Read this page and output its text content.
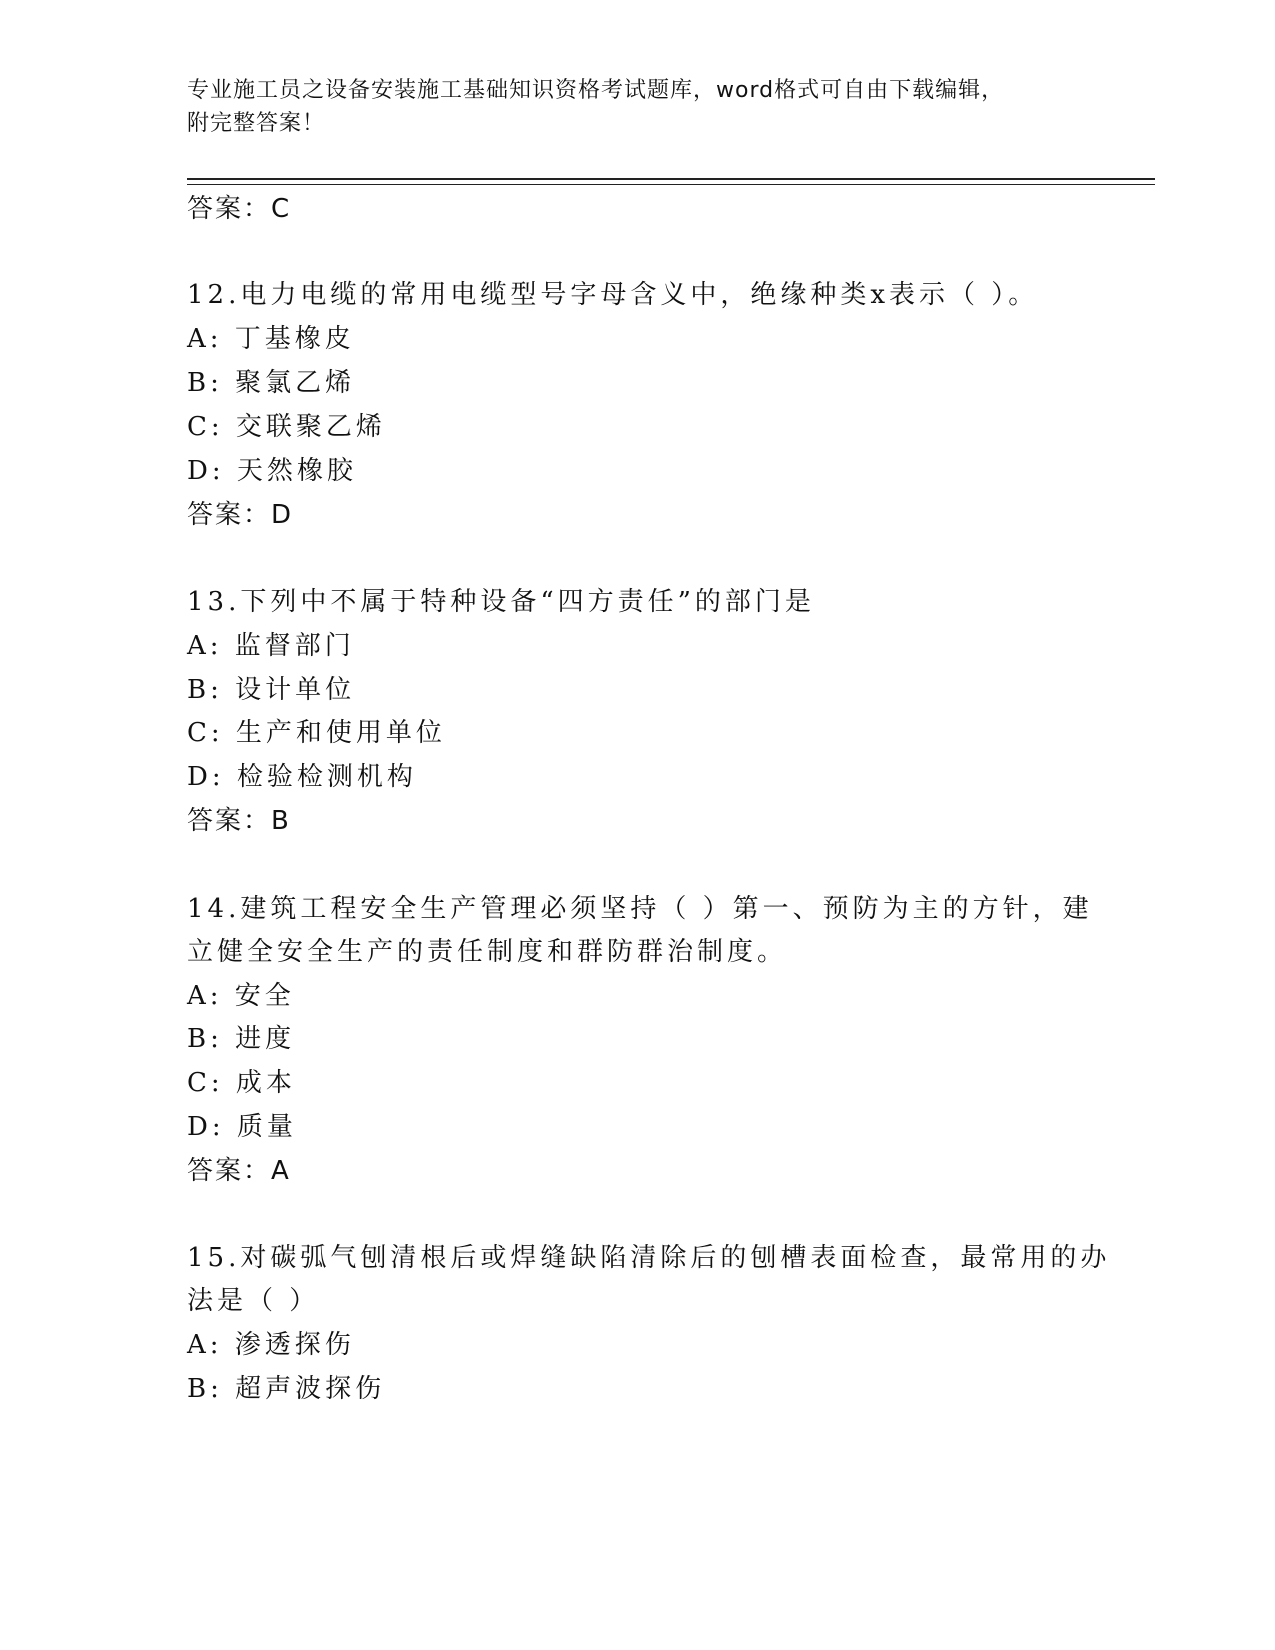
专业施工员之设备安装施工基础知识资格考试题库，word格式可自由下载编辑，
附完整答案！
答案：C
12.电力电缆的常用电缆型号字母含义中，绝缘种类x表示（ ）。
A: 丁基橡皮
B: 聚氯乙烯
C: 交联聚乙烯
D: 天然橡胶
答案：D
13.下列中不属于特种设备“四方责任”的部门是
A: 监督部门
B: 设计单位
C: 生产和使用单位
D: 检验检测机构
答案：B
14.建筑工程安全生产管理必须坚持（ ）第一、预防为主的方针，建
立健全安全生产的责任制度和群防群治制度。
A: 安全
B: 进度
C: 成本
D: 质量
答案：A
15.对碳弧气刨清根后或焊缝缺陷清除后的刨槽表面检查，最常用的办
法是（ ）
A: 渗透探伤
B: 超声波探伤
